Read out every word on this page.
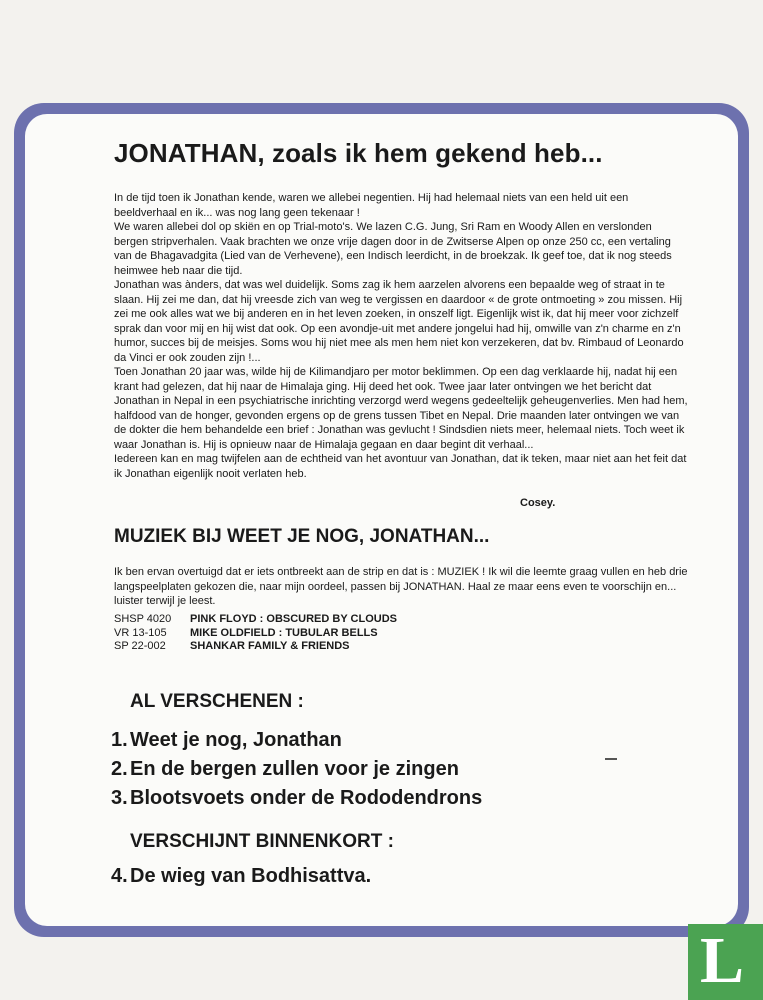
JONATHAN, zoals ik hem gekend heb...

In de tijd toen ik Jonathan kende, waren we allebei negentien. Hij had helemaal niets van een held uit een beeldverhaal en ik... was nog lang geen tekenaar !

We waren allebei dol op skiën en op Trial-moto's. We lazen C.G. Jung, Sri Ram en Woody Allen en verslonden bergen stripverhalen. Vaak brachten we onze vrije dagen door in de Zwitserse Alpen op onze 250 cc, een vertaling van de Bhagavadgita (Lied van de Verhevene), een Indisch leerdicht, in de broekzak. Ik geef toe, dat ik nog steeds heimwee heb naar die tijd.

Jonathan was ànders, dat was wel duidelijk. Soms zag ik hem aarzelen alvorens een bepaalde weg of straat in te slaan. Hij zei me dan, dat hij vreesde zich van weg te vergissen en daardoor « de grote ontmoeting » zou missen. Hij zei me ook alles wat we bij anderen en in het leven zoeken, in onszelf ligt. Eigenlijk wist ik, dat hij meer voor zichzelf sprak dan voor mij en hij wist dat ook. Op een avondje-uit met andere jongelui had hij, omwille van z'n charme en z'n humor, succes bij de meisjes. Soms wou hij niet mee als men hem niet kon verzekeren, dat bv. Rimbaud of Leonardo da Vinci er ook zouden zijn !...

Toen Jonathan 20 jaar was, wilde hij de Kilimandjaro per motor beklimmen. Op een dag verklaarde hij, nadat hij een krant had gelezen, dat hij naar de Himalaja ging. Hij deed het ook. Twee jaar later ontvingen we het bericht dat Jonathan in Nepal in een psychiatrische inrichting verzorgd werd wegens gedeeltelijk geheugenverlies. Men had hem, halfdood van de honger, gevonden ergens op de grens tussen Tibet en Nepal. Drie maanden later ontvingen we van de dokter die hem behandelde een brief : Jonathan was gevlucht ! Sindsdien niets meer, helemaal niets. Toch weet ik waar Jonathan is. Hij is opnieuw naar de Himalaja gegaan en daar begint dit verhaal...

Iedereen kan en mag twijfelen aan de echtheid van het avontuur van Jonathan, dat ik teken, maar niet aan het feit dat ik Jonathan eigenlijk nooit verlaten heb.

Cosey.
MUZIEK BIJ WEET JE NOG, JONATHAN...

Ik ben ervan overtuigd dat er iets ontbreekt aan de strip en dat is : MUZIEK ! Ik wil die leemte graag vullen en heb drie langspeelplaten gekozen die, naar mijn oordeel, passen bij JONATHAN. Haal ze maar eens even te voorschijn en... luister terwijl je leest.

SHSP 4020	PINK FLOYD : OBSCURED BY CLOUDS
VR 13-105	MIKE OLDFIELD : TUBULAR BELLS
SP 22-002	SHANKAR FAMILY & FRIENDS
AL VERSCHENEN :
1. Weet je nog, Jonathan
2. En de bergen zullen voor je zingen
3. Blootsvoets onder de Rododendrons
VERSCHIJNT BINNENKORT :
4. De wieg van Bodhisattva.
L
